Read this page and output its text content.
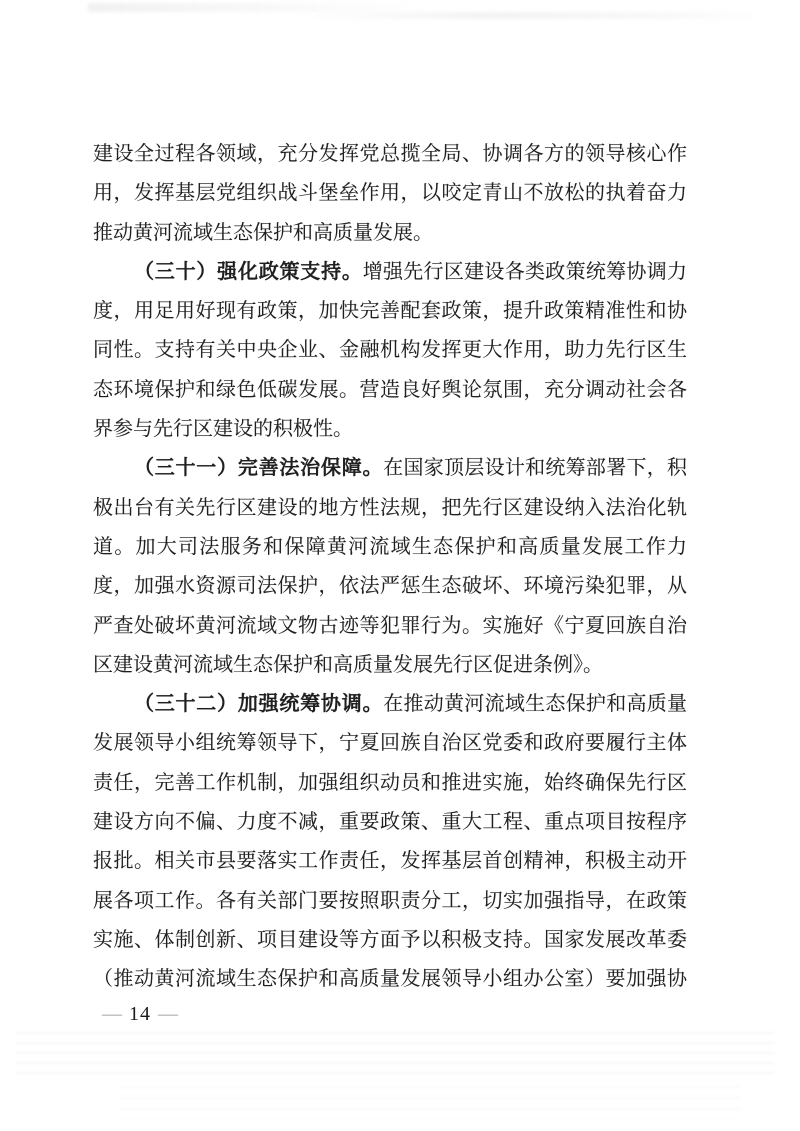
建设全过程各领域，充分发挥党总揽全局、协调各方的领导核心作
用，发挥基层党组织战斗堡垒作用，以咬定青山不放松的执着奋力
推动黄河流域生态保护和高质量发展。
（三十）强化政策支持。增强先行区建设各类政策统筹协调力
度，用足用好现有政策，加快完善配套政策，提升政策精准性和协
同性。支持有关中央企业、金融机构发挥更大作用，助力先行区生
态环境保护和绿色低碳发展。营造良好舆论氛围，充分调动社会各
界参与先行区建设的积极性。
（三十一）完善法治保障。在国家顶层设计和统筹部署下，积
极出台有关先行区建设的地方性法规，把先行区建设纳入法治化轨
道。加大司法服务和保障黄河流域生态保护和高质量发展工作力
度，加强水资源司法保护，依法严惩生态破坏、环境污染犯罪，从
严查处破坏黄河流域文物古迹等犯罪行为。实施好《宁夏回族自治
区建设黄河流域生态保护和高质量发展先行区促进条例》。
（三十二）加强统筹协调。在推动黄河流域生态保护和高质量
发展领导小组统筹领导下，宁夏回族自治区党委和政府要履行主体
责任，完善工作机制，加强组织动员和推进实施，始终确保先行区
建设方向不偏、力度不减，重要政策、重大工程、重点项目按程序
报批。相关市县要落实工作责任，发挥基层首创精神，积极主动开
展各项工作。各有关部门要按照职责分工，切实加强指导，在政策
实施、体制创新、项目建设等方面予以积极支持。国家发展改革委
（推动黄河流域生态保护和高质量发展领导小组办公室）要加强协
— 14 —
